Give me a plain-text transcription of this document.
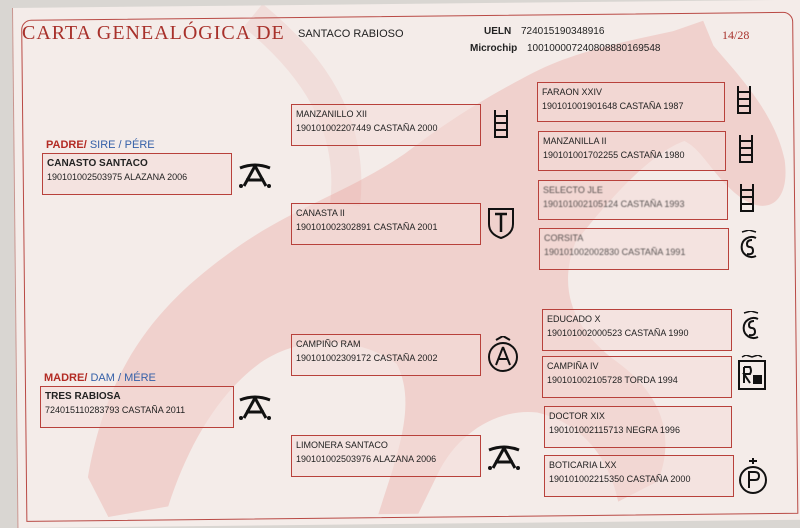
CARTA GENEALÓGICA DE SANTACO RABIOSO	UELN 724015190348916
Microchip 100100007240808880169548
14/28
PADRE/ SIRE / PÉRE
CANASTO SANTACO
190101002503975 ALAZANA 2006
MADRE/ DAM / MÉRE
TRES RABIOSA
724015110283793 CASTAÑA 2011
MANZANILLO XII
190101002207449 CASTAÑA 2000
CANASTA II
190101002302891 CASTAÑA 2001
CAMPIÑO RAM
190101002309172 CASTAÑA 2002
LIMONERA SANTACO
190101002503976 ALAZANA 2006
FARAON XXIV
190101001901648 CASTAÑA 1987
MANZANILLA II
190101001702255 CASTAÑA 1980
SELECTO JLE
190101002105124 CASTAÑA 1993
CORSITA
190101002002830 CASTAÑA 1991
EDUCADO X
190101002000523 CASTAÑA 1990
CAMPIÑA IV
190101002105728 TORDA 1994
DOCTOR XIX
190101002115713 NEGRA 1996
BOTICARIA LXX
190101002215350 CASTAÑA 2000
